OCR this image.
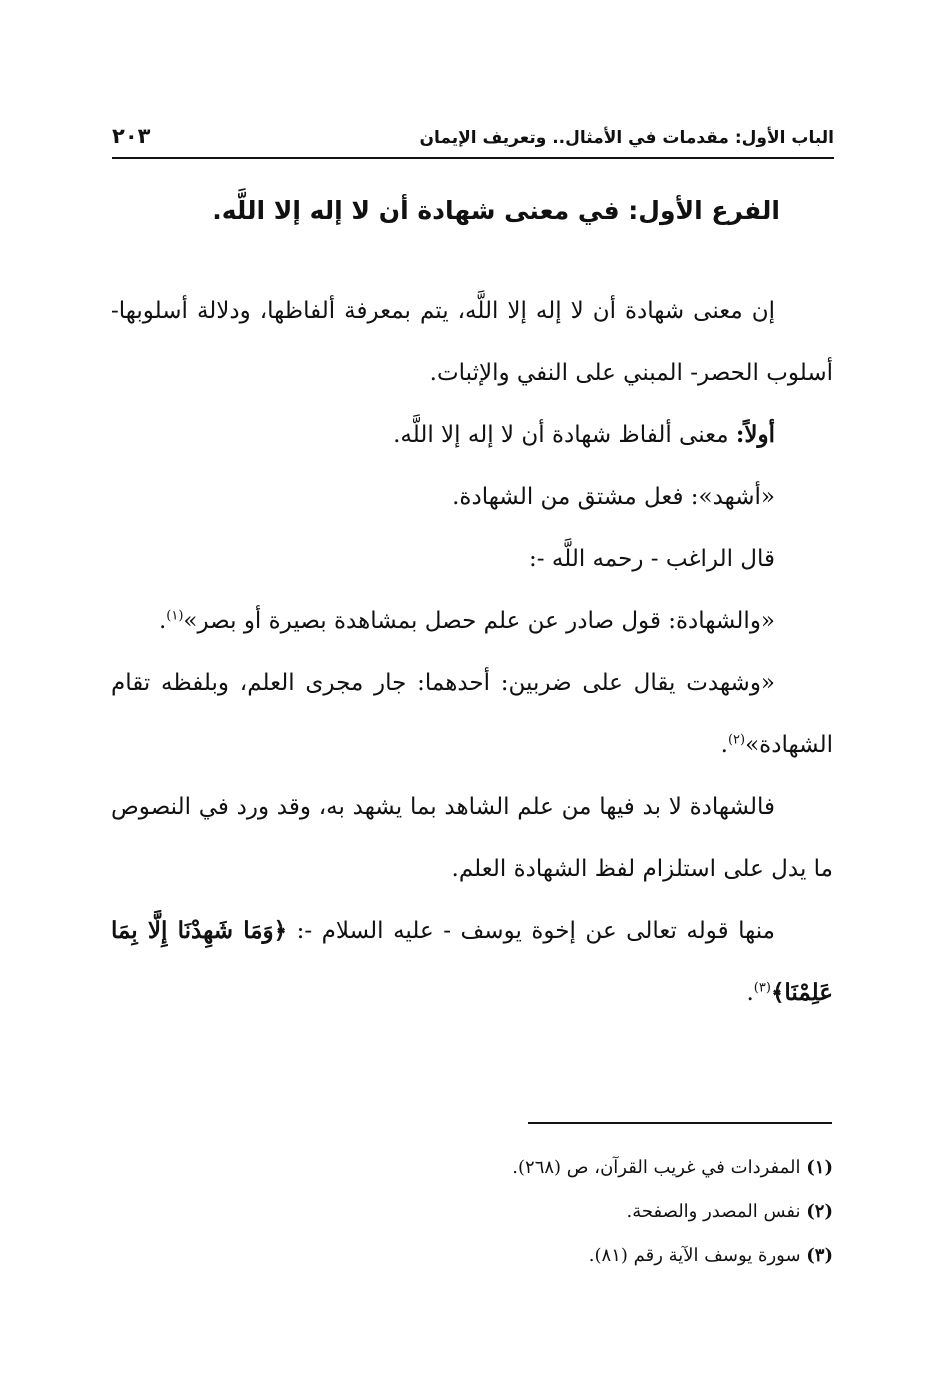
الباب الأول: مقدمات في الأمثال.. وتعريف الإيمان
٢٠٣
الفرع الأول: في معنى شهادة أن لا إله إلا اللَّه.

إن معنى شهادة أن لا إله إلا اللَّه، يتم بمعرفة ألفاظها، ودلالة أسلوبها- أسلوب الحصر- المبني على النفي والإثبات.

أولاً: معنى ألفاظ شهادة أن لا إله إلا اللَّه.

«أشهد»: فعل مشتق من الشهادة.

قال الراغب - رحمه اللَّه -:

«والشهادة: قول صادر عن علم حصل بمشاهدة بصيرة أو بصر»$^{(١)}$.

«وشهدت يقال على ضربين: أحدهما: جار مجرى العلم، وبلفظه تقام الشهادة»$^{(٢)}$.

فالشهادة لا بد فيها من علم الشاهد بما يشهد به، وقد ورد في النصوص ما يدل على استلزام لفظ الشهادة العلم.

منها قوله تعالى عن إخوة يوسف - عليه السلام -: ﴿وَمَا شَهِدْنَا إِلَّا بِمَا عَلِمْنَا﴾$^{(٣)}$.

(١) المفردات في غريب القرآن، ص (٢٦٨).

(٢) نفس المصدر والصفحة.

(٣) سورة يوسف الآية رقم (٨١).
